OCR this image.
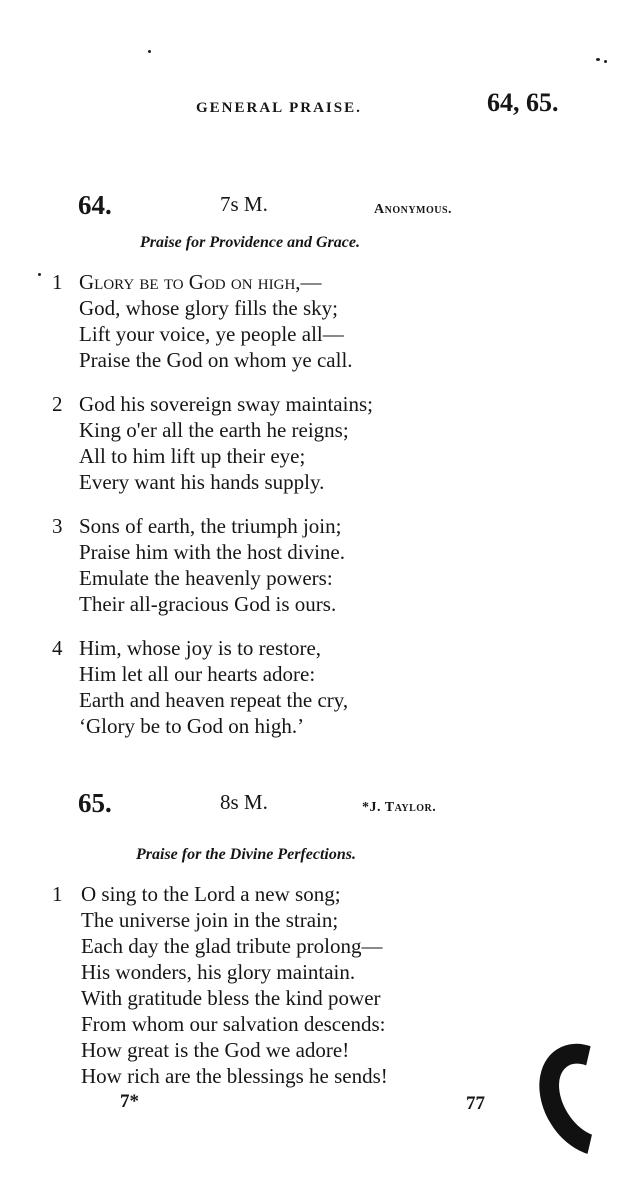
GENERAL PRAISE.	64, 65.
64.	7s M.	Anonymous.
Praise for Providence and Grace.
1 Glory be to God on high,—
God, whose glory fills the sky;
Lift your voice, ye people all—
Praise the God on whom ye call.
2 God his sovereign sway maintains;
King o'er all the earth he reigns;
All to him lift up their eye;
Every want his hands supply.
3 Sons of earth, the triumph join;
Praise him with the host divine.
Emulate the heavenly powers:
Their all-gracious God is ours.
4 Him, whose joy is to restore,
Him let all our hearts adore:
Earth and heaven repeat the cry,
‘Glory be to God on high.’
65.	8s M.	*J. Taylor.
Praise for the Divine Perfections.
1 O sing to the Lord a new song;
The universe join in the strain;
Each day the glad tribute prolong—
His wonders, his glory maintain.
With gratitude bless the kind power
From whom our salvation descends:
How great is the God we adore!
How rich are the blessings he sends!
7*	77
